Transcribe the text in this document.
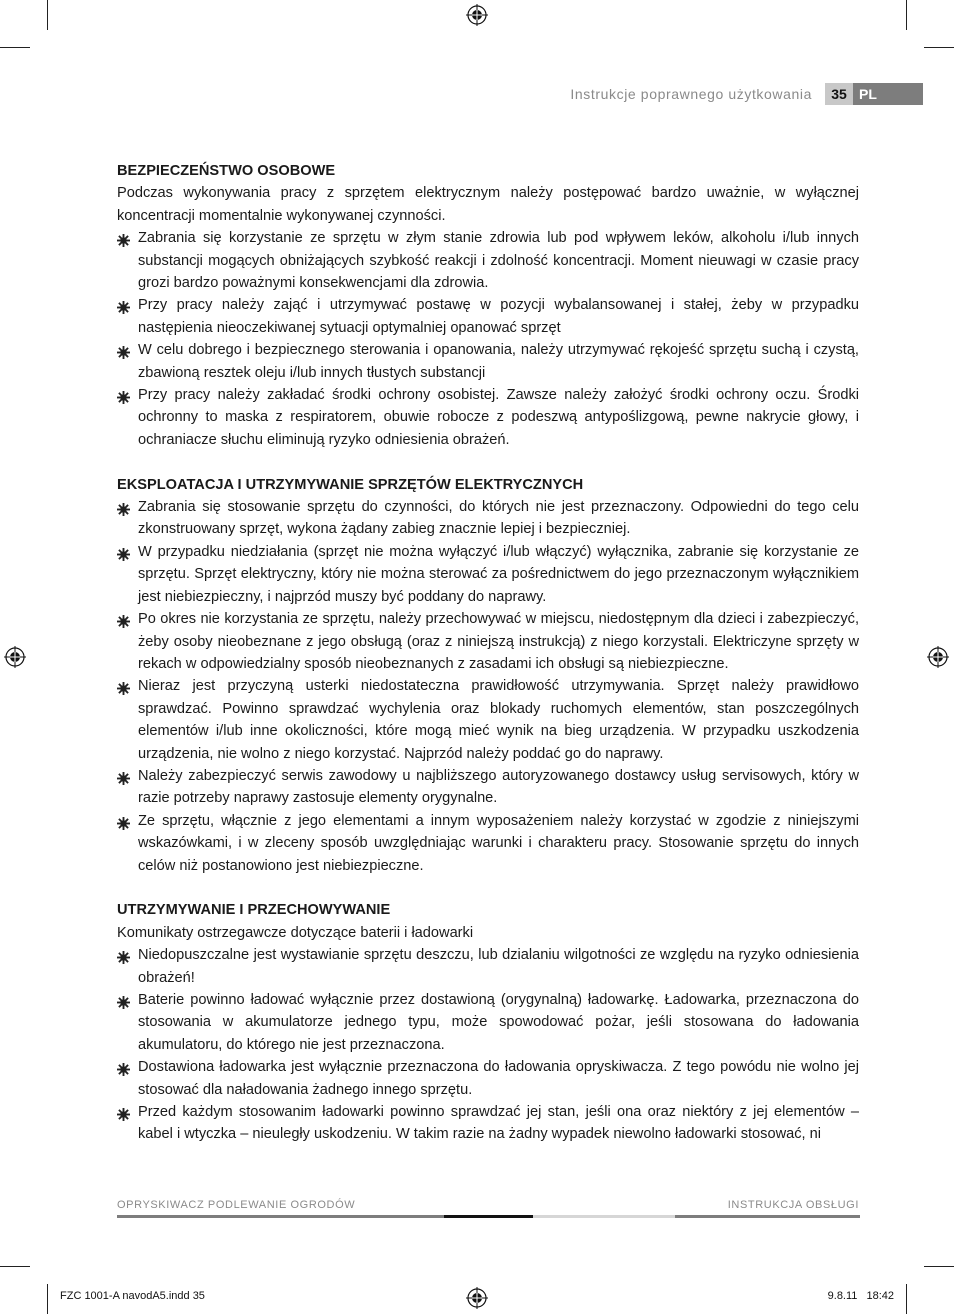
Instrukcje poprawnego użytkowania	35 PL
BEZPIECZEŃSTWO OSOBOWE

Podczas wykonywania pracy z sprzętem elektrycznym należy postępować bardzo uważnie, w wyłącznej koncentracji momentalnie wykonywanej czynności.

Zabrania się korzystanie ze sprzętu w złym stanie zdrowia lub pod wpływem leków, alkoholu i/lub innych substancji mogących obniżających szybkość reakcji i zdolność koncentracji. Moment nieuwagi w czasie pracy grozi bardzo poważnymi konsekwencjami dla zdrowia.
Przy pracy należy zająć i utrzymywać postawę w pozycji wybalansowanej i stałej, żeby w przypadku następienia nieoczekiwanej sytuacji optymalniej opanować sprzęt
W celu dobrego i bezpiecznego sterowania i opanowania, należy utrzymywać rękojeść sprzętu suchą i czystą, zbawioną resztek oleju i/lub innych tłustych substancji
Przy pracy należy zakładać środki ochrony osobistej. Zawsze należy założyć środki ochrony oczu. Środki ochronny to maska z respiratorem, obuwie robocze z podeszwą antypoślizgową, pewne nakrycie głowy, i ochraniacze słuchu eliminują ryzyko odniesienia obrażeń.
EKSPLOATACJA I UTRZYMYWANIE SPRZĘTÓW ELEKTRYCZNYCH
Zabrania się stosowanie sprzętu do czynności, do których nie jest przeznaczony. Odpowiedni do tego celu zkonstruowany sprzęt, wykona żądany zabieg znacznie lepiej i bezpieczniej.
W przypadku niedziałania (sprzęt nie można wyłączyć i/lub włączyć) wyłącznika, zabranie się korzystanie ze sprzętu. Sprzęt elektryczny, który nie można sterować za pośrednictwem do jego przeznaczonym wyłącznikiem jest niebiezpieczny, i najprzód muszy być poddany do naprawy.
Po okres nie korzystania ze sprzętu, należy przechowywać w miejscu, niedostępnym dla dzieci i zabezpieczyć, żeby osoby nieobeznane z jego obsługą (oraz z niniejszą instrukcją) z niego korzystali. Elektriczyne sprzęty w rekach w odpowiedzialny sposób nieobeznanych z zasadami ich obsługi są niebiezpieczne.
Nieraz jest przyczyną usterki niedostateczna prawidłowość utrzymywania. Sprzęt należy prawidłowo sprawdzać. Powinno sprawdzać wychylenia oraz blokady ruchomych elementów, stan poszczególnych elementów i/lub inne okoliczności, które mogą mieć wynik na bieg urządzenia. W przypadku uszkodzenia urządzenia, nie wolno z niego korzystać. Najprzód należy poddać go do naprawy.
Należy zabezpieczyć serwis zawodowy u najbliższego autoryzowanego dostawcy usług servisowych, który w razie potrzeby naprawy zastosuje elementy orygynalne.
Ze sprzętu, włącznie z jego elementami a innym wyposażeniem należy korzystać w zgodzie z niniejszymi wskazówkami, i w zleceny sposób uwzględniając warunki i charakteru pracy. Stosowanie sprzętu do innych celów niż postanowiono jest niebiezpieczne.
UTRZYMYWANIE I PRZECHOWYWANIE

Komunikaty ostrzegawcze dotyczące baterii i ładowarki

Niedopuszczalne jest wystawianie sprzętu deszczu, lub dzialaniu wilgotności ze względu na ryzyko odniesienia obrażeń!
Baterie powinno ładować wyłącznie przez dostawioną (orygynalną) ładowarkę. Ładowarka, przeznaczona do stosowania w akumulatorze jednego typu, może spowodować pożar, jeśli stosowana do ładowania akumulatoru, do którego nie jest przeznaczona.
Dostawiona ładowarka jest wyłącznie przeznaczona do ładowania opryskiwacza. Z tego powódu nie wolno jej stosować dla naładowania żadnego innego sprzętu.
Przed każdym stosowanim ładowarki powinno sprawdzać jej stan, jeśli ona oraz niektóry z jej elementów – kabel i wtyczka – nieuległy uskodzeniu. W takim razie na żadny wypadek niewolno ładowarki stosować, ni
OPRYSKIWACZ PODLEWANIE OGRODÓW	INSTRUKCJA OBSŁUGI
FZC 1001-A navodA5.indd 35	9.8.11 18:42
